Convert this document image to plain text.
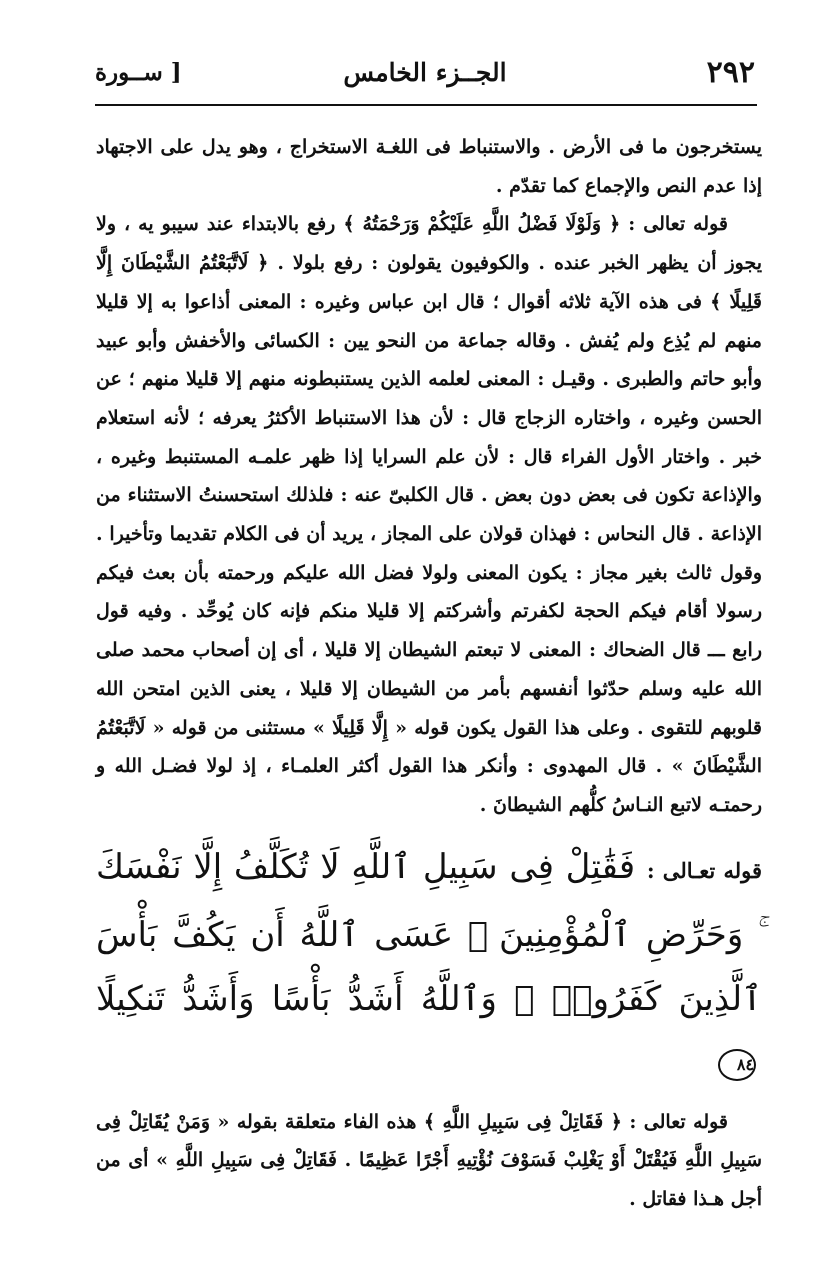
٢٩٢
الجــزء الخامس
[ ســورة

يستخرجون ما فى الأرض . والاستنباط فى اللغـة الاستخراج ، وهو يدل على الاجتهاد إذا عدم النص والإجماع كما تقدّم .

قوله تعالى : ﴿ وَلَوْلَا فَضْلُ اللَّهِ عَلَيْكُمْ وَرَحْمَتُهُ ﴾ رفع بالابتداء عند سيبو يه ، ولا يجوز أن يظهر الخبر عنده . والكوفيون يقولون : رفع بلولا . ﴿ لَاتَّبَعْتُمُ الشَّيْطَانَ إِلَّا قَلِيلًا ﴾ فى هذه الآية ثلاثه أقوال ؛ قال ابن عباس وغيره : المعنى أذاعوا به إلا قليلا منهم لم يُذِع ولم يُفش . وقاله جماعة من النحو يين : الكسائى والأخفش وأبو عبيد وأبو حاتم والطبرى . وقيـل : المعنى لعلمه الذين يستنبطونه منهم إلا قليلا منهم ؛ عن الحسن وغيره ، واختاره الزجاج قال : لأن هذا الاستنباط الأكثرُ يعرفه ؛ لأنه استعلام خبر . واختار الأول الفراء قال : لأن علم السرايا إذا ظهر علمـه المستنبط وغيره ، والإذاعة تكون فى بعض دون بعض . قال الكلبىّ عنه : فلذلك استحسنتُ الاستثناء من الإذاعة . قال النحاس : فهذان قولان على المجاز ، يريد أن فى الكلام تقديما وتأخيرا . وقول ثالث بغير مجاز : يكون المعنى ولولا فضل الله عليكم ورحمته بأن بعث فيكم رسولا أقام فيكم الحجة لكفرتم وأشركتم إلا قليلا منكم فإنه كان يُوحِّد . وفيه قول رابع ـــ قال الضحاك : المعنى لا تبعتم الشيطان إلا قليلا ، أى إن أصحاب محمد صلى الله عليه وسلم حدّثوا أنفسهم بأمر من الشيطان إلا قليلا ، يعنى الذين امتحن الله قلوبهم للتقوى . وعلى هذا القول يكون قوله « إِلَّا قَلِيلًا » مستثنى من قوله « لَاتَّبَعْتُمُ الشَّيْطَانَ » . قال المهدوى : وأنكر هذا القول أكثر العلمـاء ، إذ لولا فضـل الله و رحمتـه لاتبع النـاسُ كلُّهم الشيطانَ .

قوله تعـالى : فَقَٰتِلْ فِى سَبِيلِ ٱللَّهِ لَا تُكَلَّفُ إِلَّا نَفْسَكَ ۚ وَحَرِّضِ ٱلْمُؤْمِنِينَ ۖ عَسَى ٱللَّهُ أَن يَكُفَّ بَأْسَ ٱلَّذِينَ كَفَرُوا۟ ۚ وَٱللَّهُ أَشَدُّ بَأْسًا وَأَشَدُّ تَنكِيلًا ٨٤

قوله تعالى : ﴿ فَقَاتِلْ فِى سَبِيلِ اللَّهِ ﴾ هذه الفاء متعلقة بقوله « وَمَنْ يُقَاتِلْ فِى سَبِيلِ اللَّهِ فَيُقْتَلْ أَوْ يَغْلِبْ فَسَوْفَ نُؤْتِيهِ أَجْرًا عَظِيمًا . فَقَاتِلْ فِى سَبِيلِ اللَّهِ » أى من أجل هـذا فقاتل .
